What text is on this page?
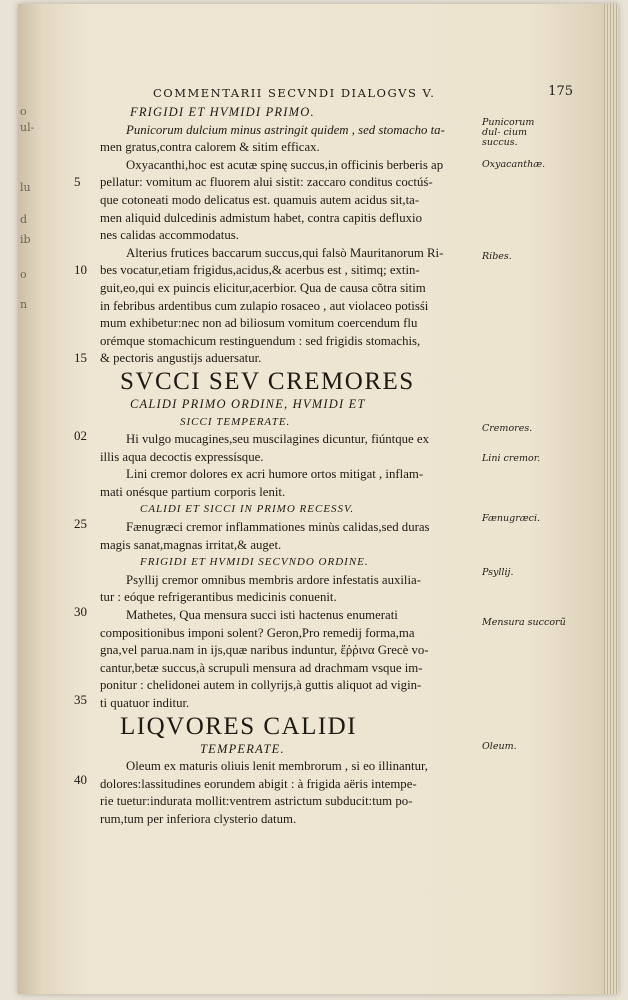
o
ul-
lu
d
ib
o
n
COMMENTARII SECVNDI DIALOGVS V.	175
FRIGIDI ET HVMIDI PRIMO.
Punicorum dulcium minus astringit quidem , sed stomacho ta-
men gratus,contra calorem & sitim efficax.
Oxyacanthi,hoc est acutæ spinę succus,in officinis berberis ap
pellatur: vomitum ac fluorem alui sistit: zaccaro conditus coctúś-
que cotoneati modo delicatus est. quamuis autem acidus sit,ta-
men aliquid dulcedinis admistum habet, contra capitis defluxio
nes calidas accommodatus.
Alterius frutices baccarum succus,qui falsò Mauritanorum Ri-
bes vocatur,etiam frigidus,acidus,& acerbus est , sitimq; extin-
guit,eo,qui ex puincis elicitur,acerbior. Qua de causa cõtra sitim
in febribus ardentibus cum zulapio rosaceo , aut violaceo potisśi
mum exhibetur:nec non ad biliosum vomitum coercendum flu
orémque stomachicum restinguendum : sed frigidis stomachis,
& pectoris angustijs aduersatur.
SVCCI SEV CREMORES
CALIDI PRIMO ORDINE, HVMIDI ET
SICCI TEMPERATE.
Hi vulgo mucagines,seu muscilagines dicuntur, fiúntque ex
illis aqua decoctis expressísque.
Lini cremor dolores ex acri humore ortos mitigat , inflam-
mati onésque partium corporis lenit.
CALIDI ET SICCI IN PRIMO RECESSV.
Fænugræci cremor inflammationes minùs calidas,sed duras
magis sanat,magnas irritat,& auget.
FRIGIDI ET HVMIDI SECVNDO ORDINE.
Psyllij cremor omnibus membris ardore infestatis auxilia-
tur : eóque refrigerantibus medicinis conuenit.
Mathetes, Qua mensura succi isti hactenus enumerati
compositionibus imponi solent? Geron,Pro remedij forma,ma
gna,vel parua.nam in ijs,quæ naribus induntur, ἔῤῥινα Grecè vo-
cantur,betæ succus,à scrupuli mensura ad drachmam vsque im-
ponitur : chelidonei autem in collyrijs,à guttis aliquot ad vigin-
ti quatuor inditur.
LIQVORES CALIDI
TEMPERATE.
Oleum ex maturis oliuis lenit membrorum , si eo illinantur,
dolores:lassitudines eorundem abigit : à frigida aëris intempe-
rie tuetur:indurata mollit:ventrem astrictum subducit:tum po-
rum,tum per inferiora clysterio datum.
5
10
15
02
25
30
35
40
Punicorum dul- cium succus.
Oxyacanthæ.
Ribes.
Cremores.
Lini cremor.
Fænugræci.
Psyllij.
Mensura succorũ
Oleum.
